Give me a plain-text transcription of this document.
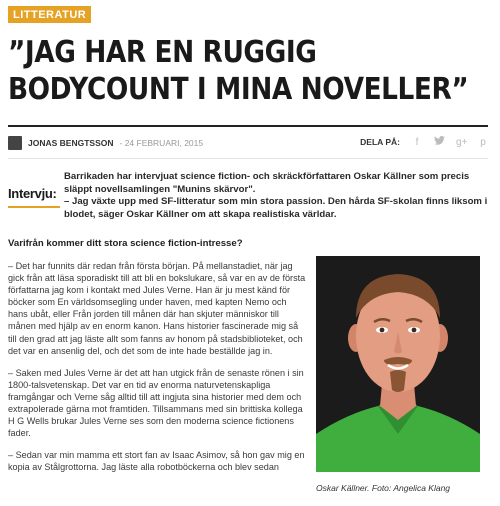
LITTERATUR
”JAG HAR EN RUGGIG BODYCOUNT I MINA NOVELLER”
JONAS BENGTSSON - 24 FEBRUARI, 2015	DELA PÅ:	f	g+ p
Intervju:

Barrikaden har intervjuat science fiction- och skräckförfattaren Oskar Källner som precis släppt novellsamlingen "Munins skärvor".

– Jag växte upp med SF-litteratur som min stora passion. Den hårda SF-skolan finns liksom i blodet, säger Oskar Källner om att skapa realistiska världar.

Varifrån kommer ditt stora science fiction-intresse?

– Det har funnits där redan från första början. På mellanstadiet, när jag gick från att läsa sporadiskt till att bli en bokslukare, så var en av de första författarna jag kom i kontakt med Jules Verne. Han är ju mest känd för böcker som En världsomsegling under haven, med kapten Nemo och hans ubåt, eller Från jorden till månen där han skjuter människor till månen med hjälp av en enorm kanon. Hans historier fascinerade mig så till den grad att jag läste allt som fanns av honom på stadsbiblioteket, och det var en ansenlig del, och det som de inte hade beställde jag in.

– Saken med Jules Verne är det att han utgick från de senaste rönen i sin 1800-talsvetenskap. Det var en tid av enorma naturvetenskapliga framgångar och Verne såg alltid till att ingjuta sina historier med dem och extrapolerade gärna mot framtiden. Tillsammans med sin brittiska kollega H G Wells brukar Jules Verne ses som den moderna science fictionens fader.

– Sedan var min mamma ett stort fan av Isaac Asimov, så hon gav mig en kopia av Stålgrottorna. Jag läste alla robotböckerna och blev sedan

Oskar Källner. Foto: Angelica Klang
